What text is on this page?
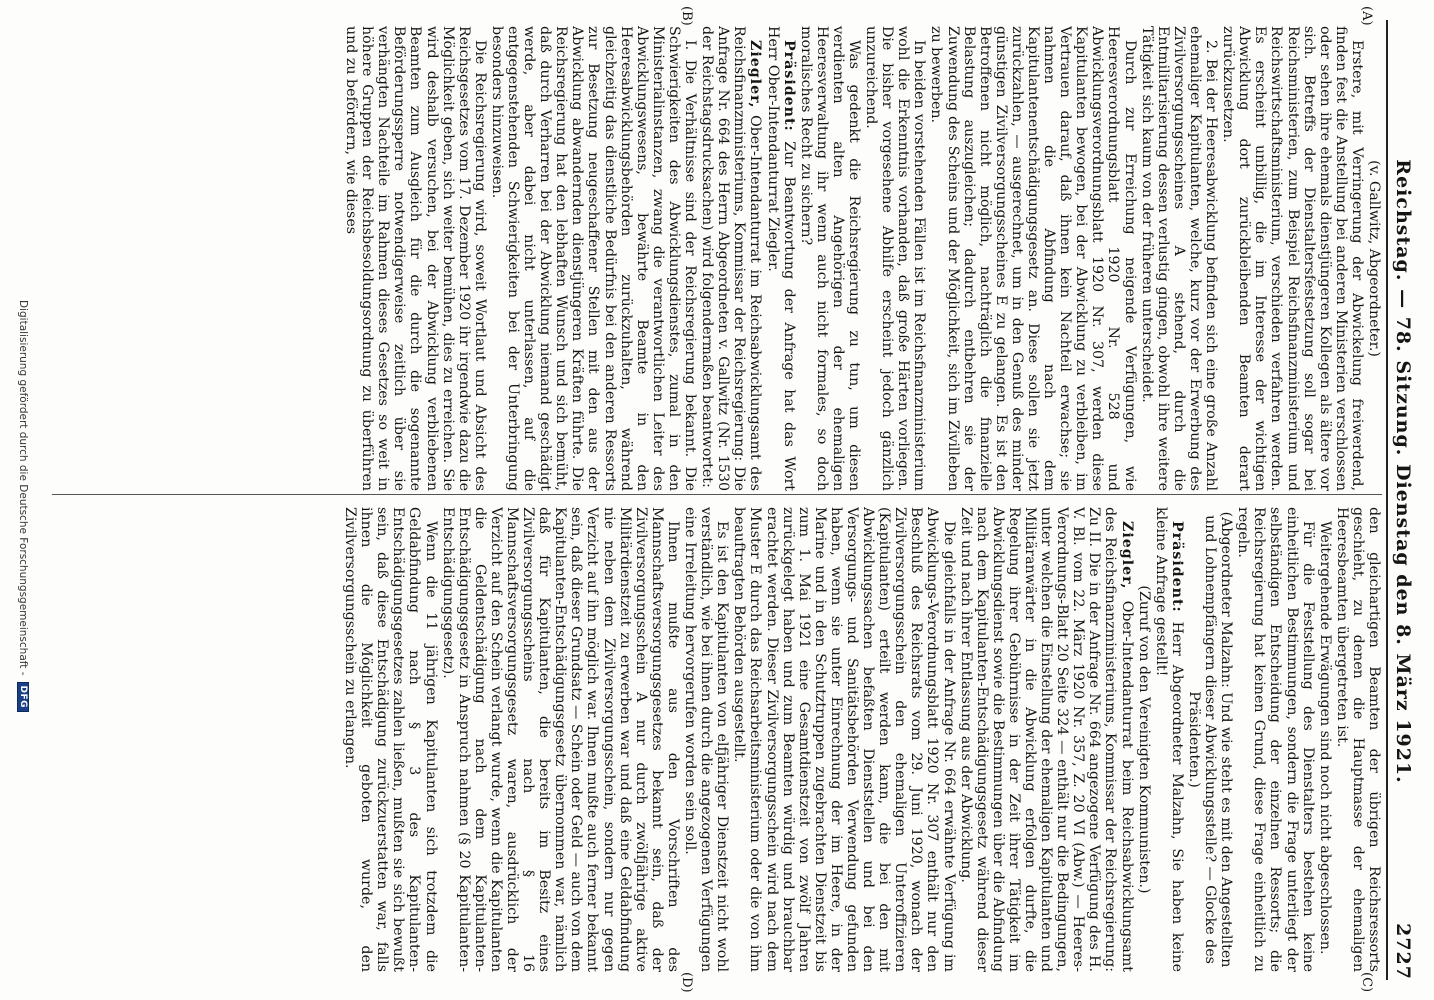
Reichstag. — 78. Sitzung. Dienstag den 8. März 1921.
2727
(A)
(B)
(C)
(D)

(v. Gallwitz, Abgeordneter.)

Erstere, mit Verringerung der Abwickelung freiwerdend, finden fest die Anstellung bei anderen Ministerien verschlossen oder sehen ihre ehemals dienstjüngeren Kollegen als ältere vor sich. Betreffs der Dienstaltersfestsetzung soll sogar bei Reichsministerien, zum Beispiel Reichsfinanzministerium und Reichswirtschaftsministerium, verschieden verfahren werden. Es erscheint unbillig, die im Interesse der wichtigen Abwicklung dort zurückbleibenden Beamten derart zurückzusetzen.

2. Bei der Heeresabwicklung befinden sich eine große Anzahl ehemaliger Kapitulanten, welche, kurz vor der Erwerbung des Zivilversorgungsscheines A stehend, durch die Entmilitarisierung dessen verlustig gingen, obwohl ihre weitere Tätigkeit sich kaum von der früheren unterscheidet.

Durch zur Erreichung neigende Verfügungen, wie Heeresverordnungsblatt 1920 Nr. 528 und Abwicklungsverordnungsblatt 1920 Nr. 307, werden diese Kapitulanten bewogen, bei der Abwicklung zu verbleiben, im Vertrauen darauf, daß ihnen kein Nachteil erwachse; sie nahmen die Abfindung nach dem Kapitulantenentschädigungsgesetz an. Diese sollen sie jetzt zurückzahlen, — ausgerechnet, um in den Genuß des minder günstigen Zivilversorgungsscheines E zu gelangen. Es ist den Betroffenen nicht möglich, nachträglich die finanzielle Belastung auszugleichen; dadurch entbehren sie der Zuwendung des Scheins und der Möglichkeit, sich im Zivilleben zu bewerben.

In beiden vorstehenden Fällen ist im Reichsfinanzministerium wohl die Erkenntnis vorhanden, daß große Härten vorliegen. Die bisher vorgesehene Abhilfe erscheint jedoch gänzlich unzureichend.

Was gedenkt die Reichsregierung zu tun, um diesen verdienten alten Angehörigen der ehemaligen Heeresverwaltung ihr wenn auch nicht formales, so doch moralisches Recht zu sichern?

Präsident: Zur Beantwortung der Anfrage hat das Wort Herr Ober-Intendanturrat Ziegler.

Ziegler, Ober-Intendanturrat im Reichsabwicklungsamt des Reichsfinanzministeriums, Kommissar der Reichsregierung: Die Anfrage Nr. 664 des Herrn Abgeordneten v. Gallwitz (Nr. 1530 der Reichstagsdrucksachen) wird folgendermaßen beantwortet:

I. Die Verhältnisse sind der Reichsregierung bekannt. Die Schwierigkeiten des Abwicklungsdienstes, zumal in den Ministerialinstanzen, zwang die verantwortlichen Leiter des Abwicklungswesens, bewährte Beamte in den Heeresabwicklungsbehörden zurückzuhalten, während gleichzeitig das dienstliche Bedürfnis bei den anderen Ressorts zur Besetzung neugeschaffener Stellen mit den aus der Abwicklung abwandernden dienstjüngeren Kräften führte. Die Reichsregierung hat den lebhaften Wunsch und sich bemüht, daß durch Verharren bei der Abwicklung niemand geschädigt werde, aber dabei nicht unterlassen, auf die entgegenstehenden Schwierigkeiten bei der Unterbringung besonders hinzuweisen.

Die Reichsregierung wird, soweit Wortlaut und Absicht des Reichsgesetzes vom 17. Dezember 1920 ihr irgendwie dazu die Möglichkeit geben, sich weiter bemühen, dies zu erreichen. Sie wird deshalb versuchen, bei der Abwicklung verbliebenen Beamten zum Ausgleich für die durch die sogenannte Beförderungssperre notwendigerweise zeitlich über sie verhängten Nachteile im Rahmen dieses Gesetzes so weit in höhere Gruppen der Reichsbesoldungsordnung zu überführen und zu befördern, wie dieses

den gleichartigen Beamten der übrigen Reichsressorts geschieht, zu denen die Hauptmasse der ehemaligen Heeresbeamten übergetreten ist.

Weitergehende Erwägungen sind noch nicht abgeschlossen.

Für die Feststellung des Dienstalters bestehen keine einheitlichen Bestimmungen, sondern die Frage unterliegt der selbständigen Entscheidung der einzelnen Ressorts; die Reichsregierung hat keinen Grund, diese Frage einheitlich zu regeln.

(Abgeordneter Malzahn: Und wie steht es mit den Angestellten und Lohnempfängern dieser Abwicklungsstelle? — Glocke des Präsidenten.)

Präsident: Herr Abgeordneter Malzahn, Sie haben keine kleine Anfrage gestellt!

(Zuruf von den Vereinigten Kommunisten.)

Ziegler, Ober-Intendanturrat beim Reichsabwicklungsamt des Reichsfinanzministeriums, Kommissar der Reichsregierung: Zu II. Die in der Anfrage Nr. 664 angezogene Verfügung des H. V. Bl. vom 22. März 1920 Nr. 357, Z. 20 VI (Abw.) — Heeres-Verordnungs-Blatt 20 Seite 324 — enthält nur die Bedingungen, unter welchen die Einstellung der ehemaligen Kapitulanten und Militäranwärter in die Abwicklung erfolgen durfte, die Regelung ihrer Gebührnisse in der Zeit ihrer Tätigkeit im Abwicklungsdienst sowie die Bestimmungen über die Abfindung nach dem Kapitulanten-Entschädigungsgesetz während dieser Zeit und nach ihrer Entlassung aus der Abwicklung.

Die gleichfalls in der Anfrage Nr. 664 erwähnte Verfügung im Abwicklungs-Verordnungsblatt 1920 Nr. 307 enthält nur den Beschluß des Reichsrats vom 29. Juni 1920, wonach der Zivilversorgungsschein den ehemaligen Unteroffizieren (Kapitulanten) erteilt werden kann, die bei den mit Abwicklungssachen befaßten Dienststellen und bei den Versorgungs- und Sanitätsbehörden Verwendung gefunden haben, wenn sie unter Einrechnung der im Heere, in der Marine und in den Schutztruppen zugebrachten Dienstzeit bis zum 1. Mai 1921 eine Gesamtdienstzeit von zwölf Jahren zurückgelegt haben und zum Beamten würdig und brauchbar erachtet werden. Dieser Zivilversorgungsschein wird nach dem Muster E durch das Reichsarbeitsministerium oder die von ihm beauftragten Behörden ausgestellt.

Es ist den Kapitulanten von elfjähriger Dienstzeit nicht wohl verständlich, wie bei ihnen durch die angezogenen Verfügungen eine Irreleitung hervorgerufen worden sein soll.

Ihnen mußte aus den Vorschriften des Mannschaftsversorgungsgesetzes bekannt sein, daß der Zivilversorgungsschein A nur durch zwölfjährige aktive Militärdienstzeit zu erwerben war und daß eine Geldabfindung nie neben dem Zivilversorgungsschein, sondern nur gegen Verzicht auf ihn möglich war. Ihnen mußte auch ferner bekannt sein, daß dieser Grundsatz — Schein oder Geld — auch von dem Kapitulanten-Entschädigungsgesetz übernommen war, nämlich daß für Kapitulanten, die bereits im Besitz eines Zivilversorgungsscheins nach § 16 Mannschaftsversorgungsgesetz waren, ausdrücklich der Verzicht auf den Schein verlangt wurde, wenn die Kapitulanten die Geldentschädigung nach dem Kapitulanten-Entschädigungsgesetz in Anspruch nahmen (§ 20 Kapitulanten-Entschädigungsgesetz).

Wenn die 11 jährigen Kapitulanten sich trotzdem die Geldabfindung nach § 3 des Kapitulanten-Entschädigungsgesetzes zahlen ließen, mußten sie sich bewußt sein, daß diese Entschädigung zurückzuerstatten war, falls ihnen die Möglichkeit geboten wurde, den Zivilversorgungsschein zu erlangen.

Digitalisierung gefördert durch die Deutsche Forschungsgemeinschaft -
DFG
